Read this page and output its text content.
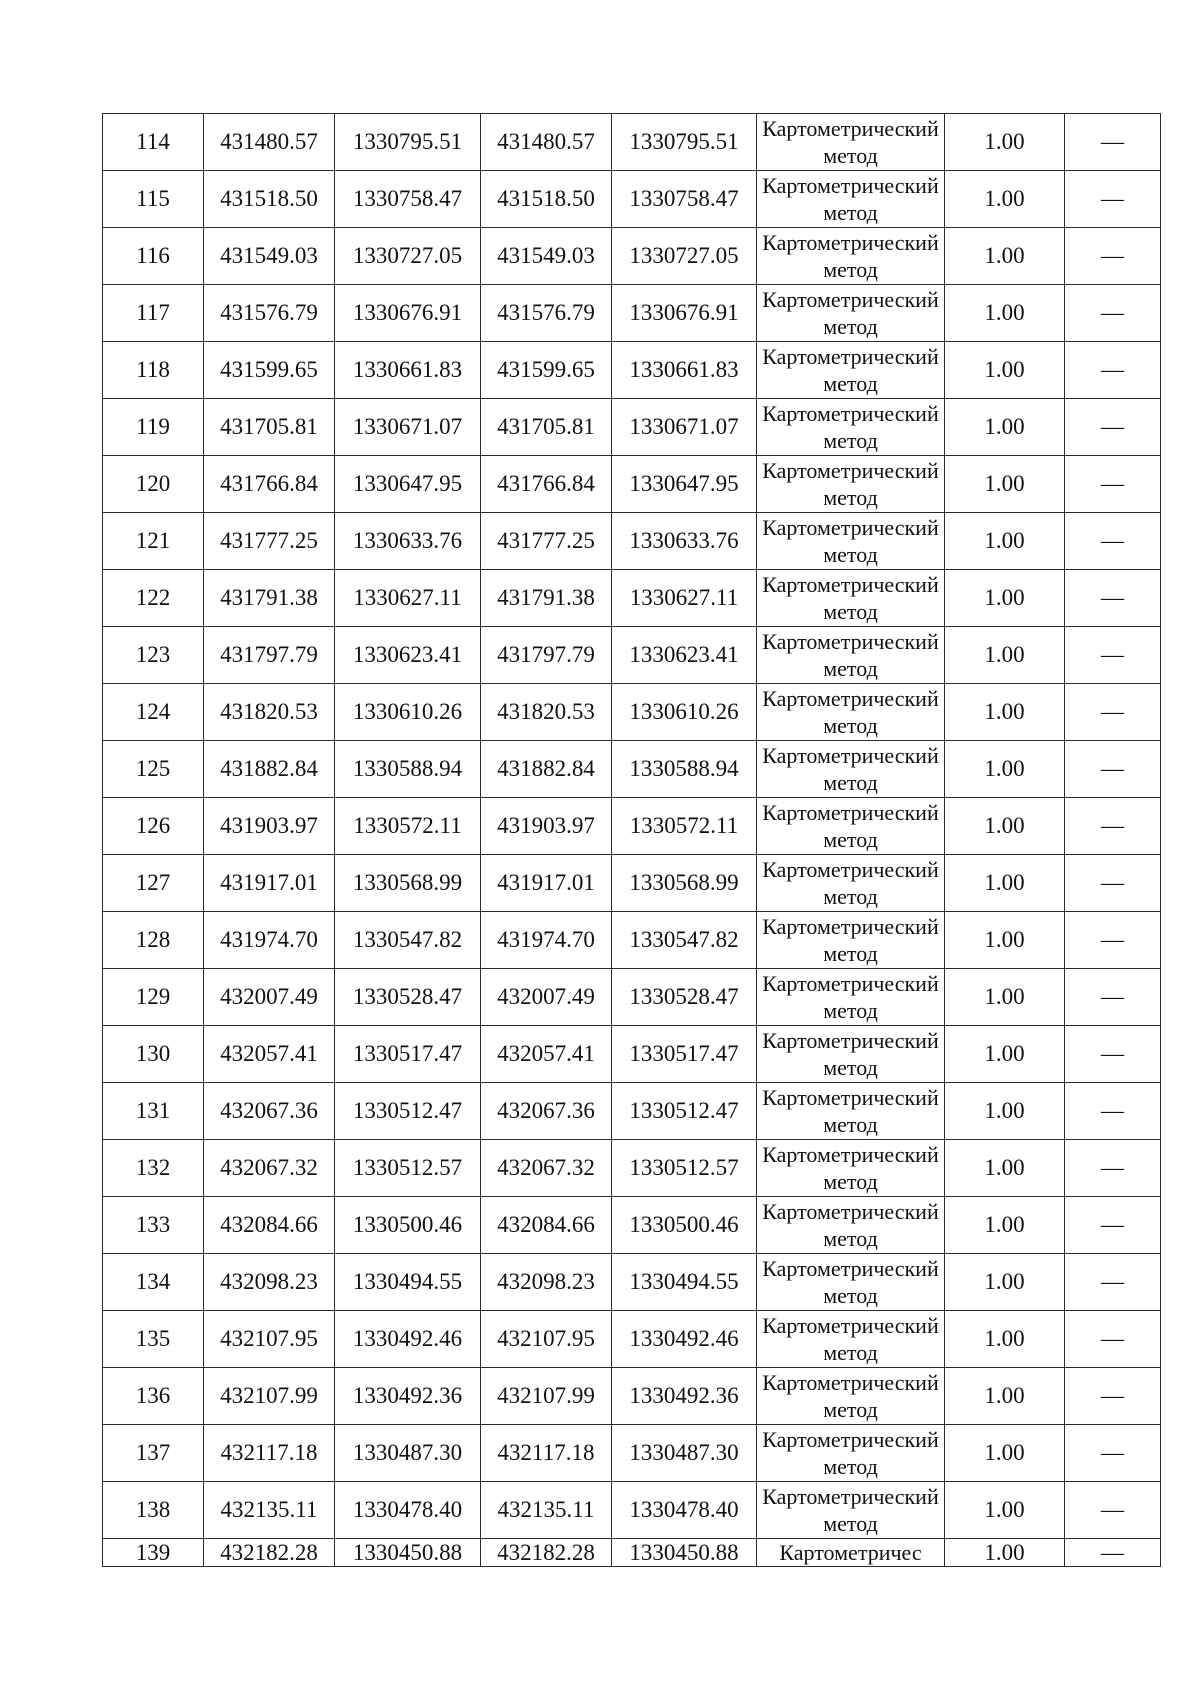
114	431480.57	1330795.51	431480.57	1330795.51	Картометрический метод	1.00	—
115	431518.50	1330758.47	431518.50	1330758.47	Картометрический метод	1.00	—
116	431549.03	1330727.05	431549.03	1330727.05	Картометрический метод	1.00	—
117	431576.79	1330676.91	431576.79	1330676.91	Картометрический метод	1.00	—
118	431599.65	1330661.83	431599.65	1330661.83	Картометрический метод	1.00	—
119	431705.81	1330671.07	431705.81	1330671.07	Картометрический метод	1.00	—
120	431766.84	1330647.95	431766.84	1330647.95	Картометрический метод	1.00	—
121	431777.25	1330633.76	431777.25	1330633.76	Картометрический метод	1.00	—
122	431791.38	1330627.11	431791.38	1330627.11	Картометрический метод	1.00	—
123	431797.79	1330623.41	431797.79	1330623.41	Картометрический метод	1.00	—
124	431820.53	1330610.26	431820.53	1330610.26	Картометрический метод	1.00	—
125	431882.84	1330588.94	431882.84	1330588.94	Картометрический метод	1.00	—
126	431903.97	1330572.11	431903.97	1330572.11	Картометрический метод	1.00	—
127	431917.01	1330568.99	431917.01	1330568.99	Картометрический метод	1.00	—
128	431974.70	1330547.82	431974.70	1330547.82	Картометрический метод	1.00	—
129	432007.49	1330528.47	432007.49	1330528.47	Картометрический метод	1.00	—
130	432057.41	1330517.47	432057.41	1330517.47	Картометрический метод	1.00	—
131	432067.36	1330512.47	432067.36	1330512.47	Картометрический метод	1.00	—
132	432067.32	1330512.57	432067.32	1330512.57	Картометрический метод	1.00	—
133	432084.66	1330500.46	432084.66	1330500.46	Картометрический метод	1.00	—
134	432098.23	1330494.55	432098.23	1330494.55	Картометрический метод	1.00	—
135	432107.95	1330492.46	432107.95	1330492.46	Картометрический метод	1.00	—
136	432107.99	1330492.36	432107.99	1330492.36	Картометрический метод	1.00	—
137	432117.18	1330487.30	432117.18	1330487.30	Картометрический метод	1.00	—
138	432135.11	1330478.40	432135.11	1330478.40	Картометрический метод	1.00	—
139	432182.28	1330450.88	432182.28	1330450.88	Картометричес	1.00	—
